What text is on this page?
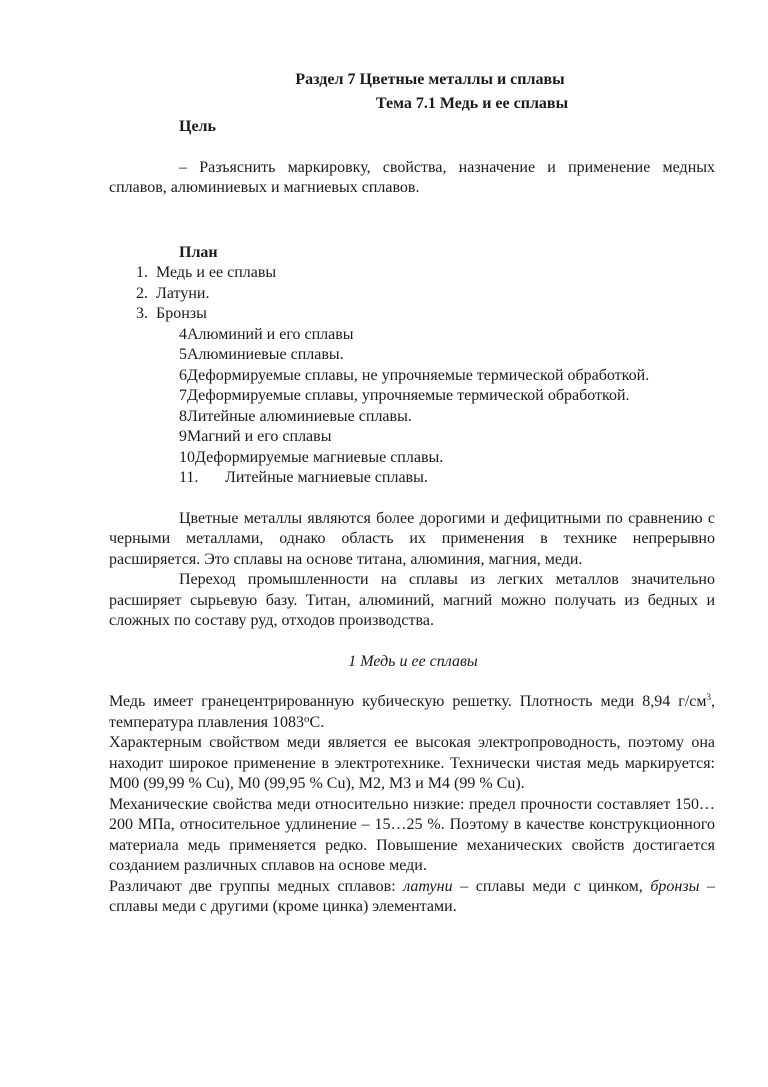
Раздел 7 Цветные металлы и сплавы
Тема 7.1 Медь и ее сплавы
Цель
– Разъяснить маркировку, свойства, назначение и применение медных сплавов, алюминиевых и магниевых сплавов.
План
1. Медь и ее сплавы
2. Латуни.
3. Бронзы
4Алюминий и его сплавы
5Алюминиевые сплавы.
6Деформируемые сплавы, не упрочняемые термической обработкой.
7Деформируемые сплавы, упрочняемые термической обработкой.
8Литейные алюминиевые сплавы.
9Магний и его сплавы
10Деформируемые магниевые сплавы.
11. Литейные магниевые сплавы.
Цветные металлы являются более дорогими и дефицитными по сравнению с черными металлами, однако область их применения в технике непрерывно расширяется. Это сплавы на основе титана, алюминия, магния, меди.
Переход промышленности на сплавы из легких металлов значительно расширяет сырьевую базу. Титан, алюминий, магний можно получать из бедных и сложных по составу руд, отходов производства.
1 Медь и ее сплавы
Медь имеет гранецентрированную кубическую решетку. Плотность меди 8,94 $г/см^3$, температура плавления 1083$^o$С.
Характерным свойством меди является ее высокая электропроводность, поэтому она находит широкое применение в электротехнике. Технически чистая медь маркируется: М00 (99,99 % Cu), М0 (99,95 % Cu), М2, М3 и М4 (99 % Cu).
Механические свойства меди относительно низкие: предел прочности составляет 150…200 МПа, относительное удлинение – 15…25 %. Поэтому в качестве конструкционного материала медь применяется редко. Повышение механических свойств достигается созданием различных сплавов на основе меди.
Различают две группы медных сплавов: латуни – сплавы меди с цинком, бронзы – сплавы меди с другими (кроме цинка) элементами.
